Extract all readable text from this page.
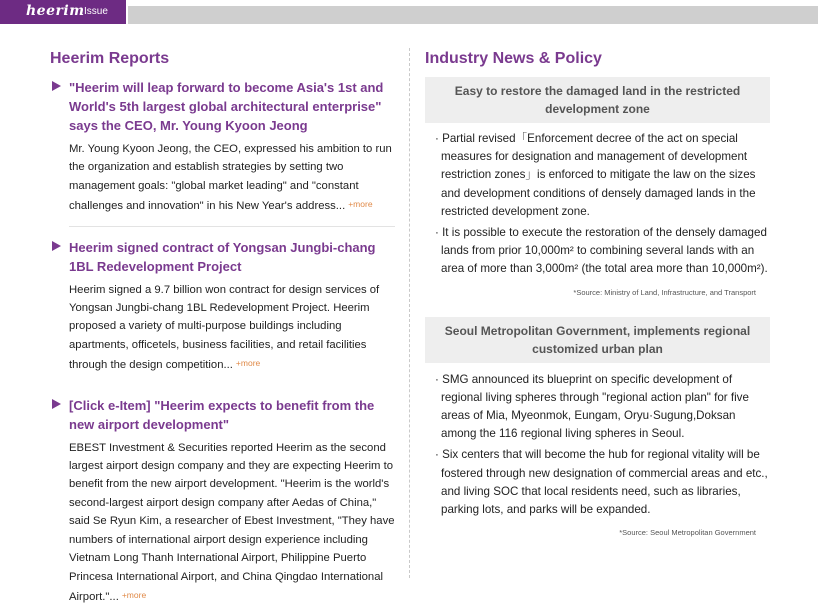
heerim Issue
Heerim Reports
"Heerim will leap forward to become Asia's 1st and World's 5th largest global architectural enterprise" says the CEO, Mr. Young Kyoon Jeong

Mr. Young Kyoon Jeong, the CEO, expressed his ambition to run the organization and establish strategies by setting two management goals: "global market leading" and "constant challenges and innovation" in his New Year's address... +more

Heerim signed contract of Yongsan Jungbi-chang 1BL Redevelopment Project

Heerim signed a 9.7 billion won contract for design services of Yongsan Jungbi-chang 1BL Redevelopment Project. Heerim proposed a variety of multi-purpose buildings including apartments, officetels, business facilities, and retail facilities through the design competition... +more

[Click e-Item] "Heerim expects to benefit from the new airport development"

EBEST Investment & Securities reported Heerim as the second largest airport design company and they are expecting Heerim to benefit from the new airport development. "Heerim is the world's second-largest airport design company after Aedas of China," said Se Ryun Kim, a researcher of Ebest Investment, "They have numbers of international airport design experience including Vietnam Long Thanh International Airport, Philippine Puerto Princesa International Airport, and China Qingdao International Airport."... +more

Industry News & Policy
Easy to restore the damaged land in the restricted development zone

· Partial revised「Enforcement decree of the act on special measures for designation and management of development restriction zones」is enforced to mitigate the law on the sizes and development conditions of densely damaged lands in the restricted development zone.

· It is possible to execute the restoration of the densely damaged lands from prior 10,000m² to combining several lands with an area of more than 3,000m² (the total area more than 10,000m²).

*Source: Ministry of Land, Infrastructure, and Transport
Seoul Metropolitan Government, implements regional customized urban plan

· SMG announced its blueprint on specific development of regional living spheres through "regional action plan" for five areas of Mia, Myeonmok, Eungam, Oryu·Sugung,Doksan among the 116 regional living spheres in Seoul.

· Six centers that will become the hub for regional vitality will be fostered through new designation of commercial areas and etc., and living SOC that local residents need, such as libraries, parking lots, and parks will be expanded.

*Source: Seoul Metropolitan Government
